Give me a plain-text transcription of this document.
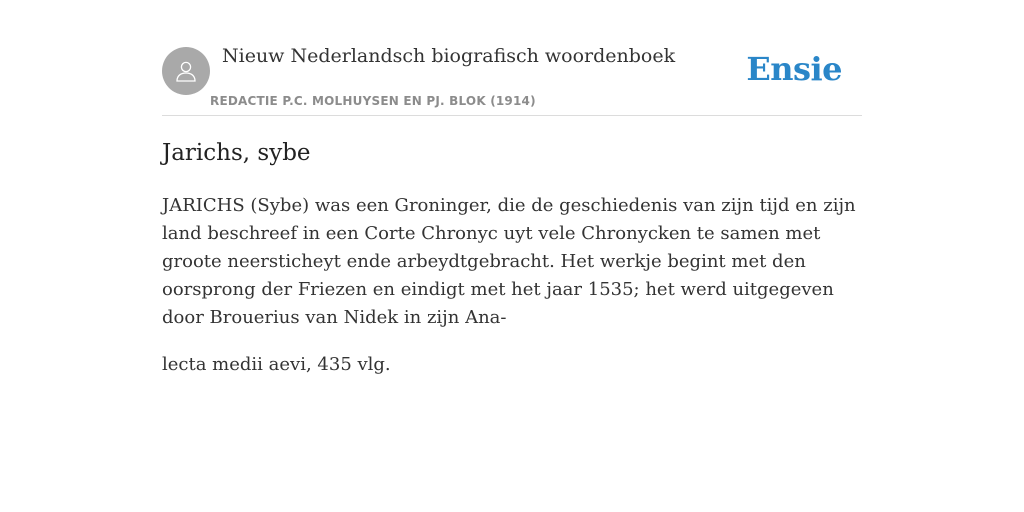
Nieuw Nederlandsch biografisch woordenboek
REDACTIE P.C. MOLHUYSEN EN PJ. BLOK (1914)
Ensie
Jarichs, sybe

JARICHS (Sybe) was een Groninger, die de geschiedenis van zijn tijd en zijn land beschreef in een Corte Chronyc uyt vele Chronycken te samen met groote neersticheyt ende arbeydtgebracht. Het werkje begint met den oorsprong der Friezen en eindigt met het jaar 1535; het werd uitgegeven door Brouerius van Nidek in zijn Ana-

lecta medii aevi, 435 vlg.
